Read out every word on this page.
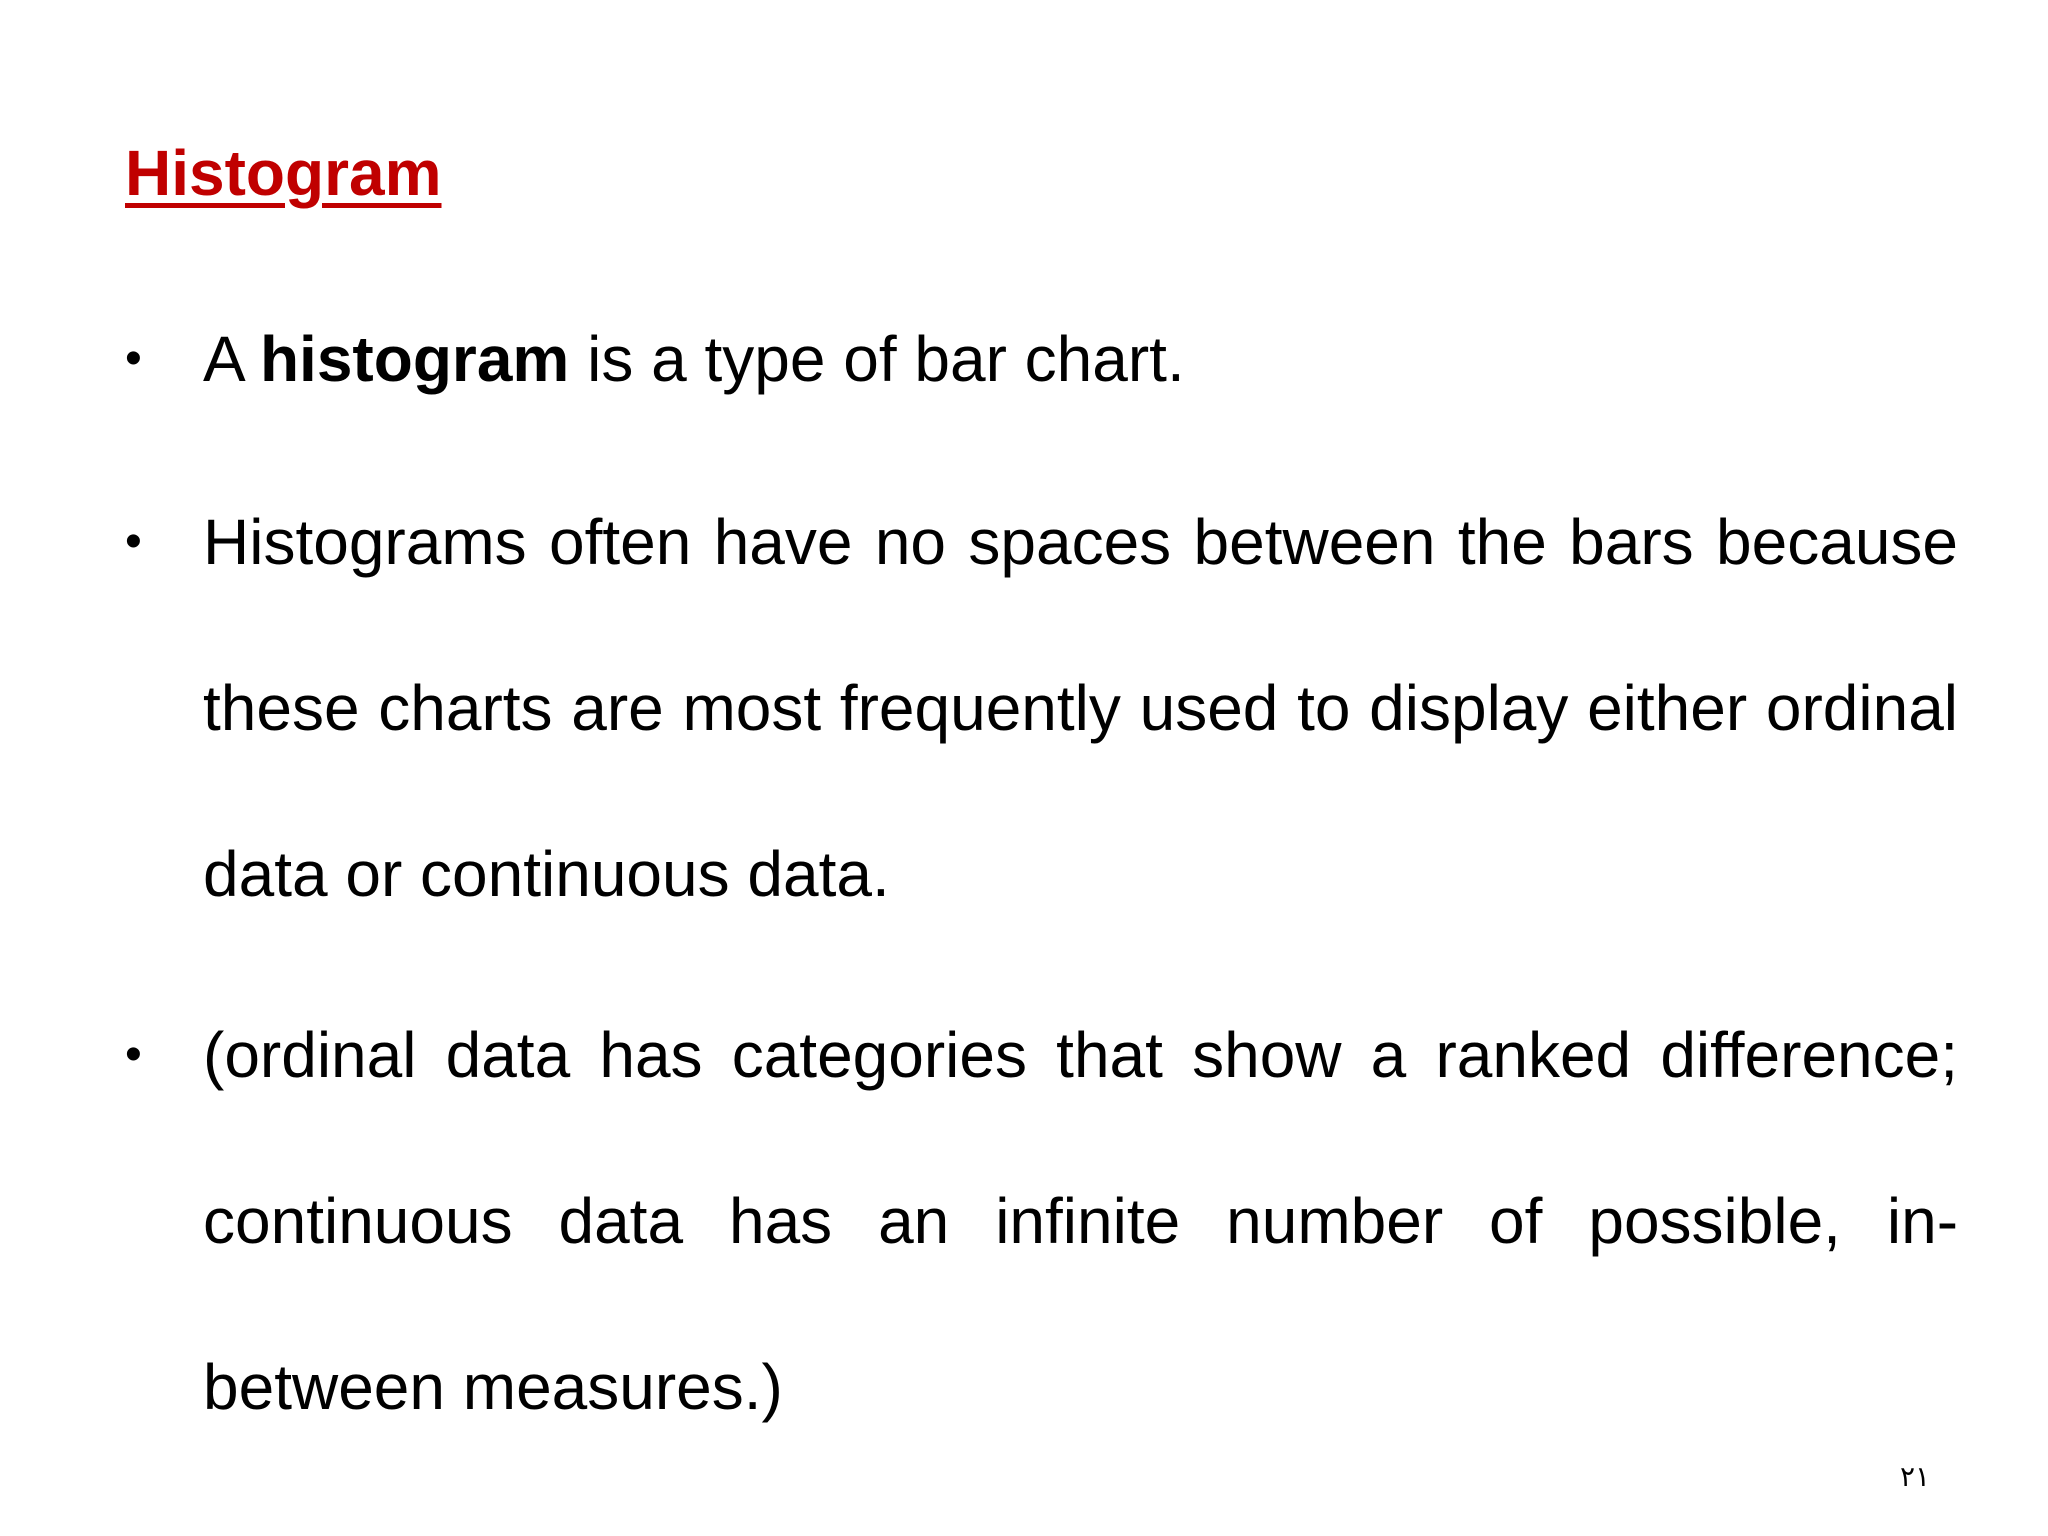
Histogram
• A histogram is a type of bar chart.
• Histograms often have no spaces between the bars because these charts are most frequently used to display either ordinal data or continuous data.
• (ordinal data has categories that show a ranked difference; continuous data has an infinite number of possible, in-between measures.)
٢١
